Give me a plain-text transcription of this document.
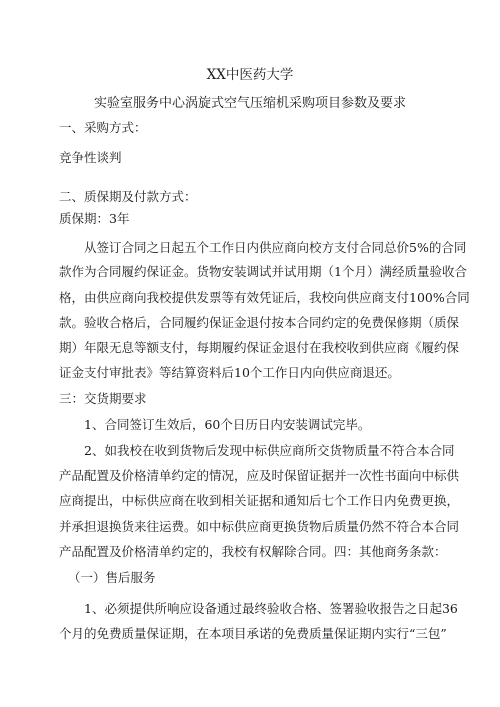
XX中医药大学
实验室服务中心涡旋式空气压缩机采购项目参数及要求
一、采购方式：
竞争性谈判
二、质保期及付款方式：
质保期：3年
从签订合同之日起五个工作日内供应商向校方支付合同总价5%的合同
款作为合同履约保证金。货物安装调试并试用期（1个月）满经质量验收合
格，由供应商向我校提供发票等有效凭证后，我校向供应商支付100%合同
款。验收合格后，合同履约保证金退付按本合同约定的免费保修期（质保
期）年限无息等额支付，每期履约保证金退付在我校收到供应商《履约保
证金支付审批表》等结算资料后10个工作日内向供应商退还。
三：交货期要求
1、合同签订生效后，60个日历日内安装调试完毕。
2、如我校在收到货物后发现中标供应商所交货物质量不符合本合同
产品配置及价格清单约定的情况，应及时保留证据并一次性书面向中标供
应商提出，中标供应商在收到相关证据和通知后七个工作日内免费更换，
并承担退换货来往运费。如中标供应商更换货物后质量仍然不符合本合同
产品配置及价格清单约定的，我校有权解除合同。四：其他商务条款：
（一）售后服务
1、必须提供所响应设备通过最终验收合格、签署验收报告之日起36
个月的免费质量保证期，在本项目承诺的免费质量保证期内实行“三包”
